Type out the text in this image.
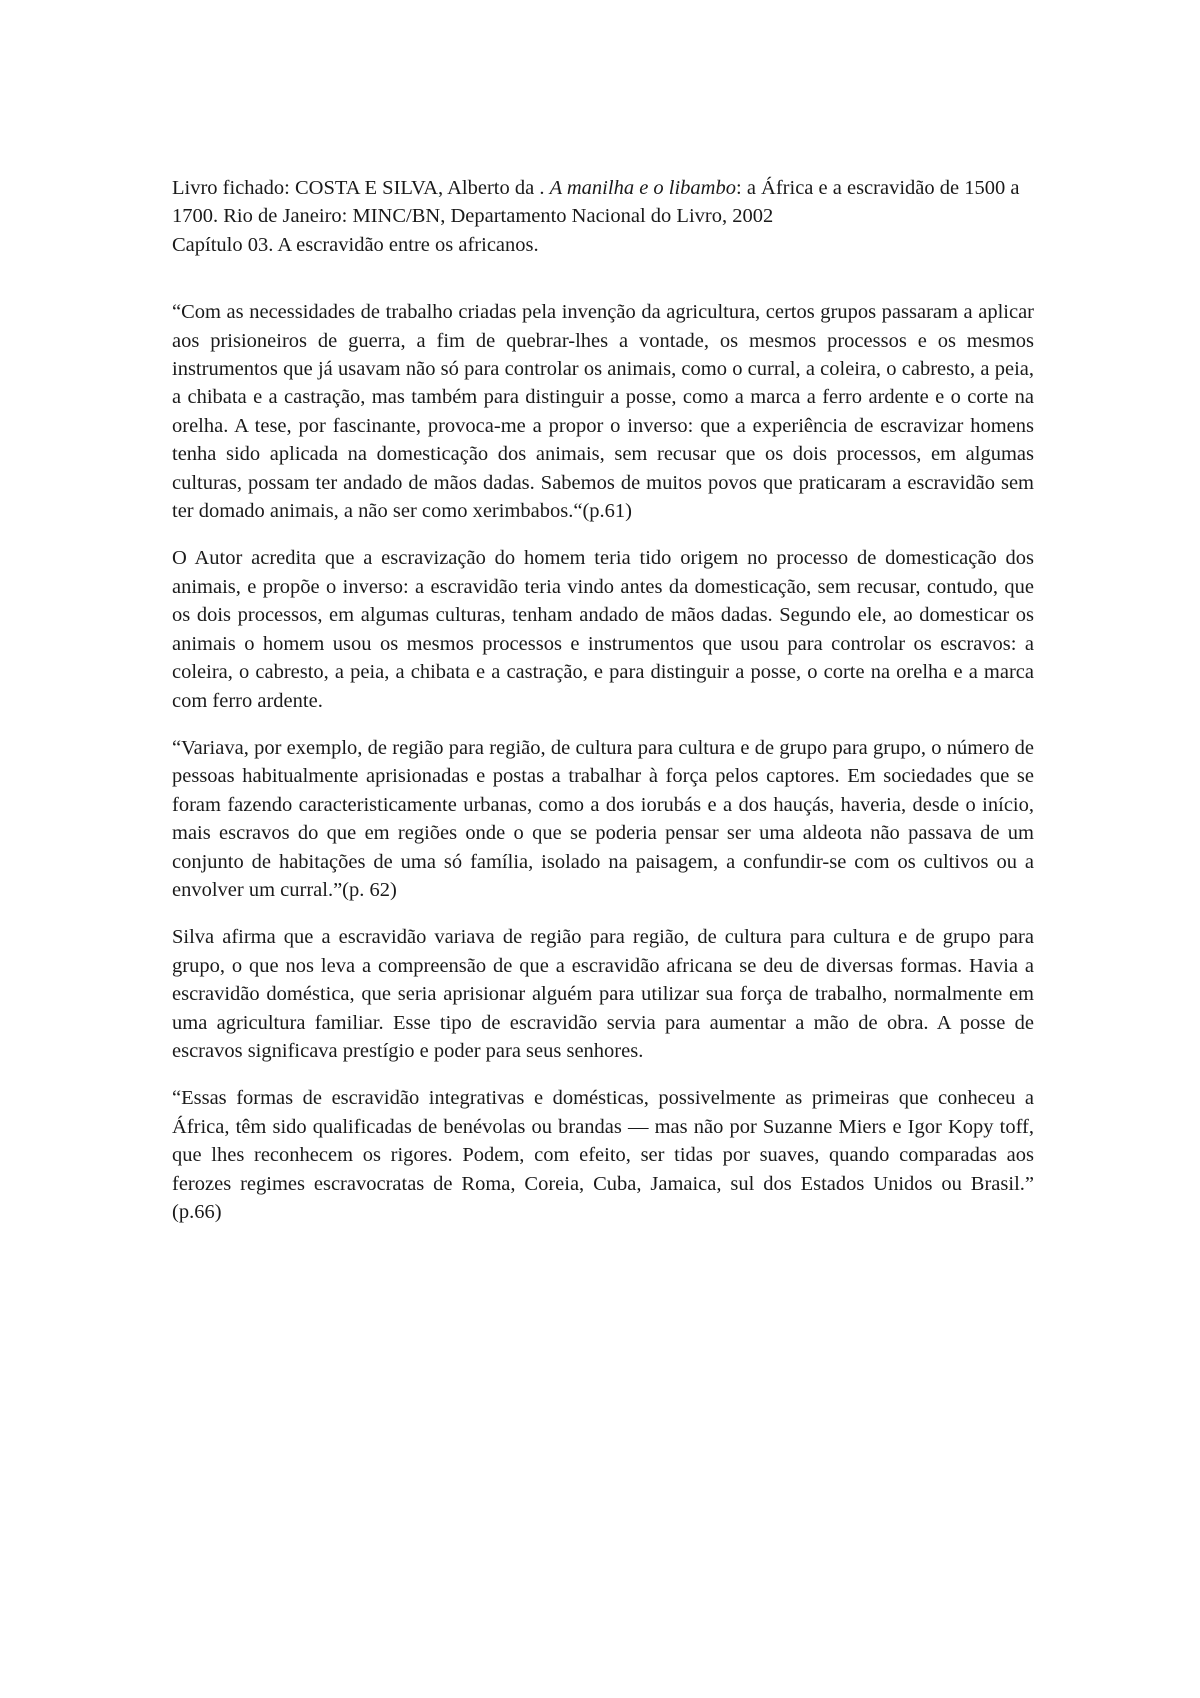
Livro fichado: COSTA E SILVA, Alberto da . A manilha e o libambo: a África e a escravidão de 1500 a 1700. Rio de Janeiro: MINC/BN, Departamento Nacional do Livro, 2002

Capítulo 03. A escravidão entre os africanos.

“Com as necessidades de trabalho criadas pela invenção da agricultura, certos grupos passaram a aplicar aos prisioneiros de guerra, a fim de quebrar-lhes a vontade, os mesmos processos e os mesmos instrumentos que já usavam não só para controlar os animais, como o curral, a coleira, o cabresto, a peia, a chibata e a castração, mas também para distinguir a posse, como a marca a ferro ardente e o corte na orelha. A tese, por fascinante, provoca-me a propor o inverso: que a experiência de escravizar homens tenha sido aplicada na domesticação dos animais, sem recusar que os dois processos, em algumas culturas, possam ter andado de mãos dadas. Sabemos de muitos povos que praticaram a escravidão sem ter domado animais, a não ser como xerimbabos.“(p.61)

O Autor acredita que a escravização do homem teria tido origem no processo de domesticação dos animais, e propõe o inverso: a escravidão teria vindo antes da domesticação, sem recusar, contudo, que os dois processos, em algumas culturas, tenham andado de mãos dadas. Segundo ele, ao domesticar os animais o homem usou os mesmos processos e instrumentos que usou para controlar os escravos: a coleira, o cabresto, a peia, a chibata e a castração, e para distinguir a posse, o corte na orelha e a marca com ferro ardente.

“Variava, por exemplo, de região para região, de cultura para cultura e de grupo para grupo, o número de pessoas habitualmente aprisionadas e postas a trabalhar à força pelos captores. Em sociedades que se foram fazendo caracteristicamente urbanas, como a dos iorubás e a dos hauçás, haveria, desde o início, mais escravos do que em regiões onde o que se poderia pensar ser uma aldeota não passava de um conjunto de habitações de uma só família, isolado na paisagem, a confundir-se com os cultivos ou a envolver um curral.”(p. 62)

Silva afirma que a escravidão variava de região para região, de cultura para cultura e de grupo para grupo, o que nos leva a compreensão de que a escravidão africana se deu de diversas formas. Havia a escravidão doméstica, que seria aprisionar alguém para utilizar sua força de trabalho, normalmente em uma agricultura familiar. Esse tipo de escravidão servia para aumentar a mão de obra. A posse de escravos significava prestígio e poder para seus senhores.

“Essas formas de escravidão integrativas e domésticas, possivelmente as primeiras que conheceu a África, têm sido qualificadas de benévolas ou brandas — mas não por Suzanne Miers e Igor Kopy toff, que lhes reconhecem os rigores. Podem, com efeito, ser tidas por suaves, quando comparadas aos ferozes regimes escravocratas de Roma, Coreia, Cuba, Jamaica, sul dos Estados Unidos ou Brasil.” (p.66)
